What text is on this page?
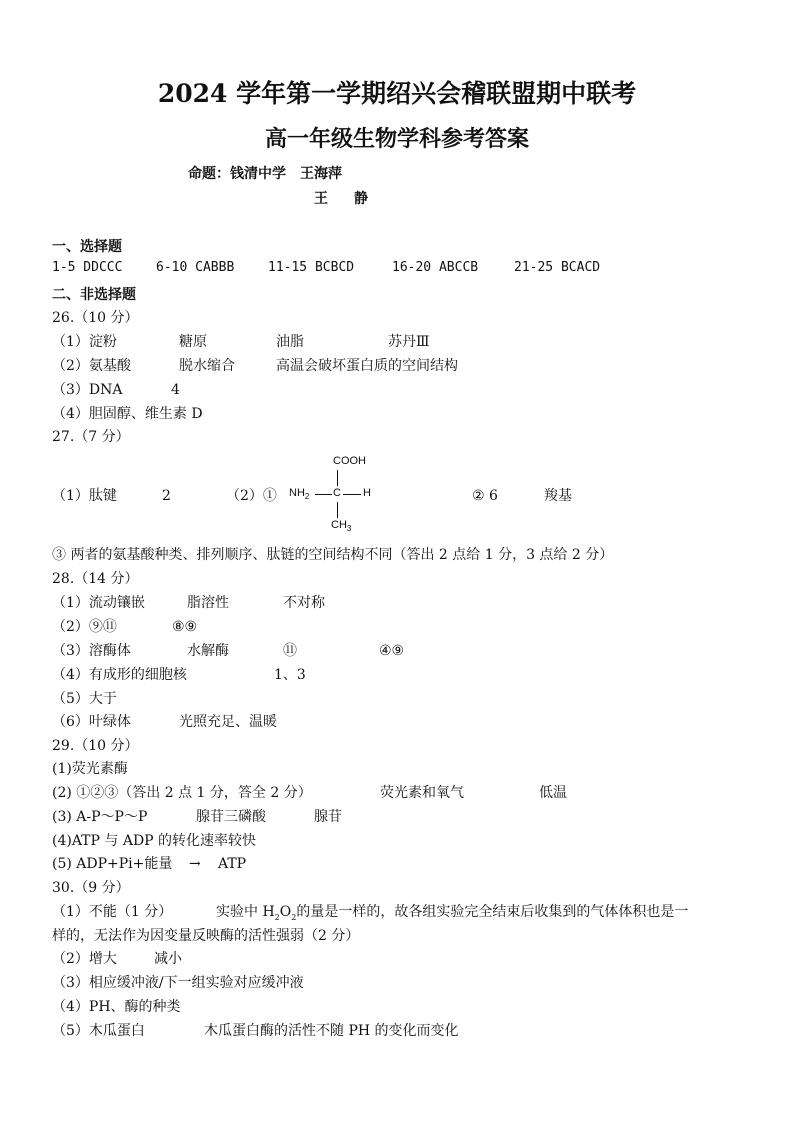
2024 学年第一学期绍兴会稽联盟期中联考
高一年级生物学科参考答案
命题：钱清中学　王海萍
王　静
一、选择题
1-5 DDCCC	6-10 CABBB	11-15 BCBCD	16-20 ABCCB	21-25 BCACD
二、非选择题
26.（10 分）
（1）淀粉	糖原	油脂	苏丹Ⅲ
（2）氨基酸	脱水缩合	高温会破坏蛋白质的空间结构
（3）DNA	4
（4）胆固醇、维生素 D
27.（7 分）
（1）肽键	2	（2）①
COOH
$NH_2$ C H
$CH_3$
② 6	羧基
③ 两者的氨基酸种类、排列顺序、肽链的空间结构不同（答出 2 点给 1 分，3 点给 2 分）
28.（14 分）
（1）流动镶嵌	脂溶性	不对称
（2）⑨⑪	⑧⑨
（3）溶酶体	水解酶	⑪	④⑨
（4）有成形的细胞核	1、3
（5）大于
（6）叶绿体	光照充足、温暖
29.（10 分）
(1)荧光素酶
(2) ①②③（答出 2 点 1 分，答全 2 分）	荧光素和氧气	低温
(3) A-P～P～P	腺苷三磷酸	腺苷
(4)ATP 与 ADP 的转化速率较快
(5) ADP+Pi+能量 → ATP
30.（9 分）
（1）不能（1 分）	实验中 $H_2O_2$的量是一样的，故各组实验完全结束后收集到的气体体积也是一
样的，无法作为因变量反映酶的活性强弱（2 分）
（2）增大	减小
（3）相应缓冲液/下一组实验对应缓冲液
（4）PH、酶的种类
（5）木瓜蛋白	木瓜蛋白酶的活性不随 PH 的变化而变化
